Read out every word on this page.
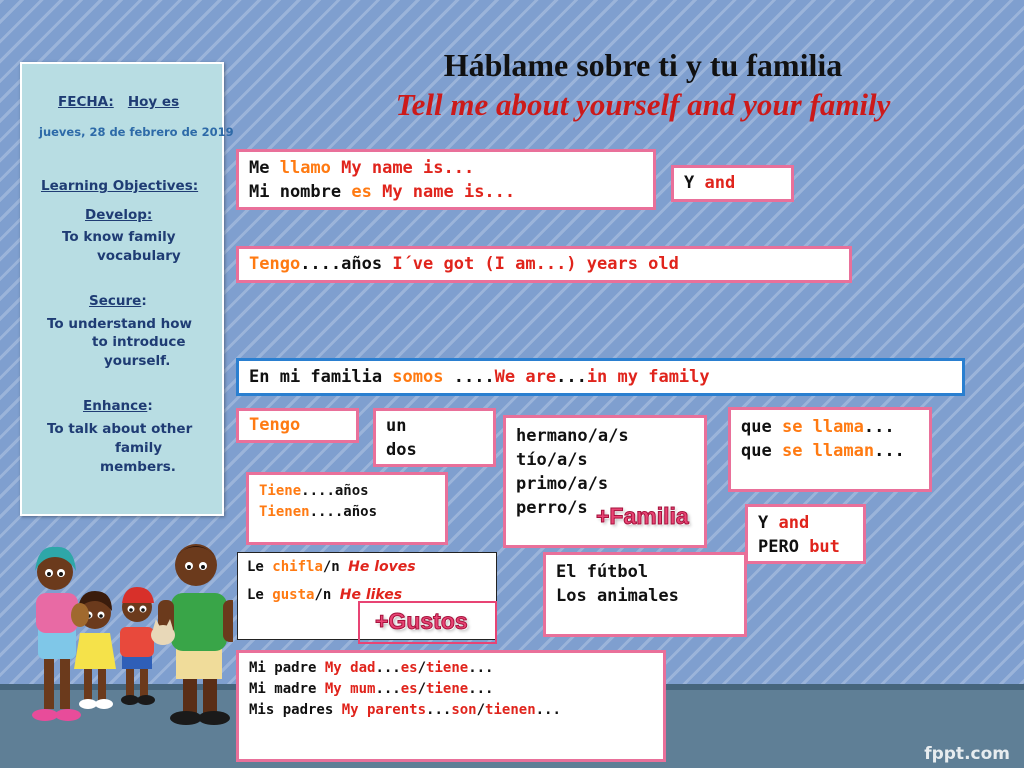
fppt.com
FECHA: Hoy es
jueves, 28 de febrero de 2019
Learning Objectives:
Develop:
To know family
vocabulary
Secure:
To understand how
to introduce
yourself.
Enhance:
To talk about other
family
members.
Háblame sobre ti y tu familia
Tell me about yourself and your family
Me llamo My name is...
Mi nombre es My name is...	Y and
Tengo....años I´ve got (I am...) years old
En mi familia somos ....We are...in my family
Tengo	un
dos
hermano/a/s
tío/a/s
primo/a/s
perro/s
que se llama...
que se llaman...
Tiene....años
Tienen....años
Y and
PERO but
Le chifla/n He loves
Le gusta/n He likes
El fútbol
Los animales
Mi padre My dad...es/tiene...
Mi madre My mum...es/tiene...
Mis padres My parents...son/tienen...
+Familia
+Gustos
